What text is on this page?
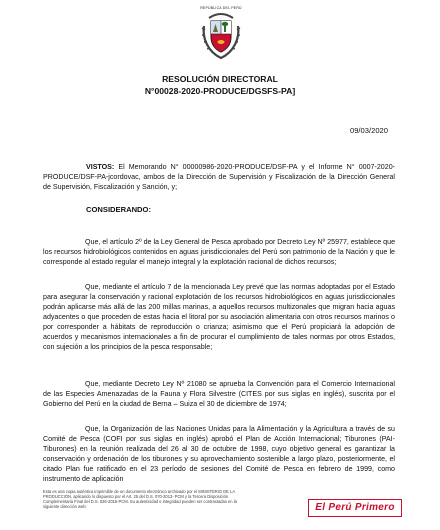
REPÚBLICA DEL PERÚ
RESOLUCIÓN DIRECTORAL
N°00028-2020-PRODUCE/DGSFS-PA]
09/03/2020

VISTOS: El Memorando N° 00000986-2020-PRODUCE/DSF-PA y el Informe N° 0007-2020-PRODUCE/DSF-PA-jcordovac, ambos de la Dirección de Supervisión y Fiscalización de la Dirección General de Supervisión, Fiscalización y Sanción, y;

CONSIDERANDO:

Que, el artículo 2º de la Ley General de Pesca aprobado por Decreto Ley Nº 25977, establece que los recursos hidrobiológicos contenidos en aguas jurisdiccionales del Perú son patrimonio de la Nación y que le corresponde al estado regular el manejo integral y la explotación racional de dichos recursos;

Que, mediante el artículo 7 de la mencionada Ley prevé que las normas adoptadas por el Estado para asegurar la conservación y racional explotación de los recursos hidrobiológicos en aguas jurisdiccionales podrán aplicarse más allá de las 200 millas marinas, a aquellos recursos multizonales que migran hacia aguas adyacentes o que proceden de estas hacia el litoral por su asociación alimentaria con otros recursos marinos o por corresponder a hábitats de reproducción o crianza; asimismo que el Perú propiciará la adopción de acuerdos y mecanismos internacionales a fin de procurar el cumplimiento de tales normas por otros Estados, con sujeción a los principios de la pesca responsable;

Que, mediante Decreto Ley Nº 21080 se aprueba la Convención para el Comercio Internacional de las Especies Amenazadas de la Fauna y Flora Silvestre (CITES por sus siglas en inglés), suscrita por el Gobierno del Perú en la ciudad de Berna – Suiza el 30 de diciembre de 1974;

Que, la Organización de las Naciones Unidas para la Alimentación y la Agricultura a través de su Comité de Pesca (COFI por sus siglas en inglés) aprobó el Plan de Acción Internacional; Tiburones (PAI-Tiburones) en la reunión realizada del 26 al 30 de octubre de 1998, cuyo objetivo general es garantizar la conservación y ordenación de los tiburones y su aprovechamiento sostenible a largo plazo, posteriormente, el citado Plan fue ratificado en el 23 período de sesiones del Comité de Pesca en febrero de 1999, como instrumento de aplicación

Esta es una copia auténtica imprimible de un documento electrónico archivado por el MINISTERIO DE LA PRODUCCIÓN, aplicando lo dispuesto por el Art. 25 del D.S. 070-2013- PCM y la Tercera Disposición Complementaria Final del D.S. 026-2016-PCM. Su autenticidad e integridad pueden ser contrastadas en la siguiente dirección web:	El Perú Primero
